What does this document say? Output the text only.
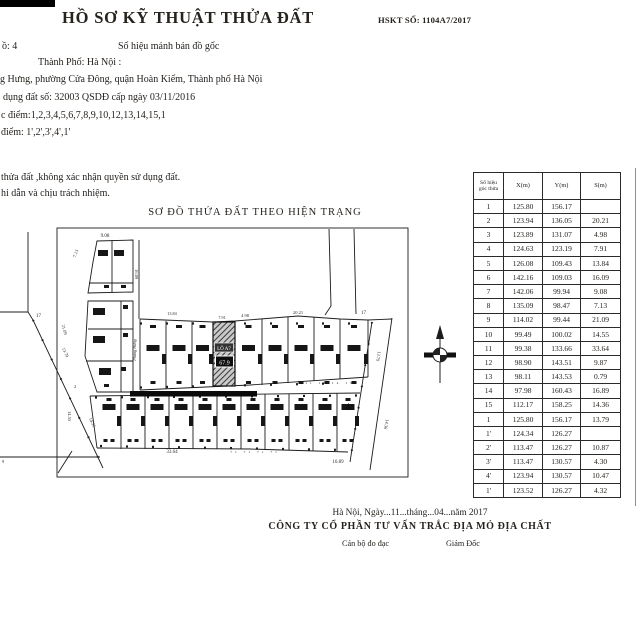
HỒ SƠ KỸ THUẬT THỬA ĐẤT	HSKT SỐ: 1104A7/2017
ồ: 4	Số hiệu mảnh bản đồ gốc
Thành Phố: Hà Nội :
g Hưng, phường Cửa Đông, quận Hoàn Kiếm, Thành phố Hà Nội
dụng đất số: 32003 QSDĐ cấp ngày 03/11/2016
c điểm:1,2,3,4,5,6,7,8,9,10,12,13,14,15,1
điểm: 1',2',3',4',1'
thửa đất ,không xác nhận quyền sử dụng đất.
hỉ dẫn và chịu trách nhiệm.
SƠ ĐỒ THỬA ĐẤT THEO HIỆN TRẠNG
LÔ A7
67.9
9.08
7.13
16.09
21.09
14.55
13.84
7.91	4.98
20.21	17
17
13.79
14.36
13.79
14.36
2
9
33.64
16.89
71 71 71 71
11 12 14 15
Phùng Hưng
Số hiệu
góc thửa	X(m)	Y(m)	S(m)
1	125.80	156.17	
2	123.94	136.05	20.21
3	123.89	131.07	4.98
4	124.63	123.19	7.91
5	126.08	109.43	13.84
6	142.16	109.03	16.09
7	142.06	99.94	9.08
8	135.09	98.47	7.13
9	114.02	99.44	21.09
10	99.49	100.02	14.55
11	99.38	133.66	33.64
12	98.90	143.51	9.87
13	98.11	143.53	0.79
14	97.98	160.43	16.89
15	112.17	158.25	14.36
1	125.80	156.17	13.79
1'	124.34	126.27	
2'	113.47	126.27	10.87
3'	113.47	130.57	4.30
4'	123.94	130.57	10.47
1'	123.52	126.27	4.32
Hà Nội, Ngày...11...tháng...04...năm 2017
CÔNG TY CỔ PHẦN TƯ VẤN TRẮC ĐỊA MỎ ĐỊA CHẤT
Cán bộ đo đạc	Giám Đốc
